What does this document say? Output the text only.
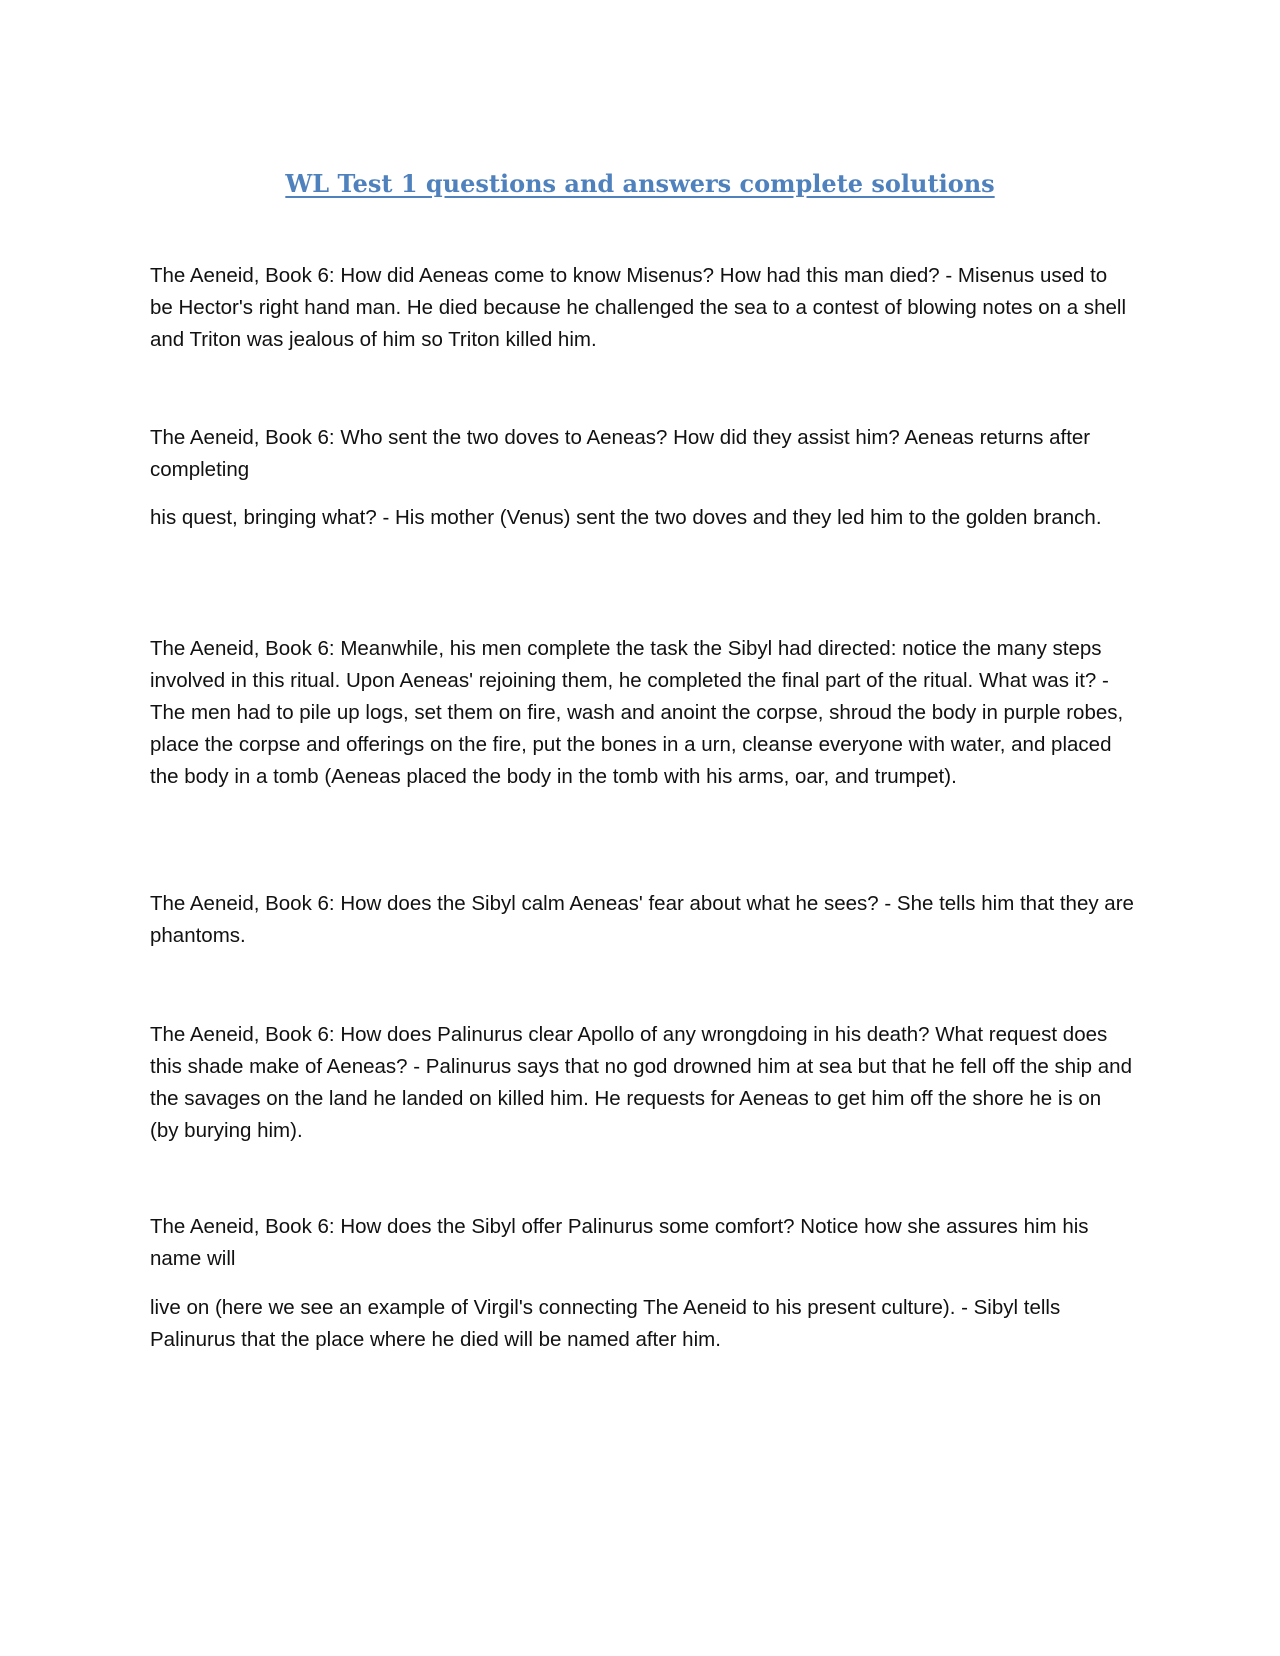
WL Test 1 questions and answers complete solutions

The Aeneid, Book 6: How did Aeneas come to know Misenus? How had this man died? - Misenus used to be Hector's right hand man. He died because he challenged the sea to a contest of blowing notes on a shell and Triton was jealous of him so Triton killed him.

The Aeneid, Book 6: Who sent the two doves to Aeneas? How did they assist him? Aeneas returns after completing

his quest, bringing what? - His mother (Venus) sent the two doves and they led him to the golden branch.

The Aeneid, Book 6: Meanwhile, his men complete the task the Sibyl had directed: notice the many steps involved in this ritual. Upon Aeneas' rejoining them, he completed the final part of the ritual. What was it? - The men had to pile up logs, set them on fire, wash and anoint the corpse, shroud the body in purple robes, place the corpse and offerings on the fire, put the bones in a urn, cleanse everyone with water, and placed the body in a tomb (Aeneas placed the body in the tomb with his arms, oar, and trumpet).

The Aeneid, Book 6: How does the Sibyl calm Aeneas' fear about what he sees? - She tells him that they are phantoms.

The Aeneid, Book 6: How does Palinurus clear Apollo of any wrongdoing in his death? What request does this shade make of Aeneas? - Palinurus says that no god drowned him at sea but that he fell off the ship and the savages on the land he landed on killed him. He requests for Aeneas to get him off the shore he is on (by burying him).

The Aeneid, Book 6: How does the Sibyl offer Palinurus some comfort? Notice how she assures him his name will

live on (here we see an example of Virgil's connecting The Aeneid to his present culture). - Sibyl tells Palinurus that the place where he died will be named after him.
